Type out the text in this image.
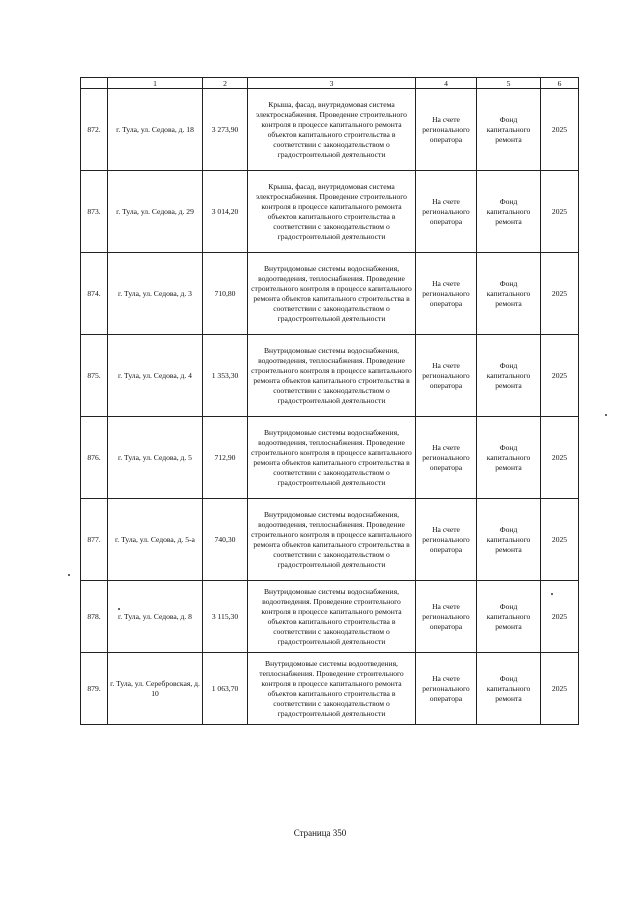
	1	2	3	4	5	6
872.	г. Тула, ул. Седова, д. 18	3 273,90	Крыша, фасад, внутридомовая система электроснабжения. Проведение строительного контроля в процессе капитального ремонта объектов капитального строительства в соответствии с законодательством о градостроительной деятельности	На счете регионального оператора	Фонд капитального ремонта	2025
873.	г. Тула, ул. Седова, д. 29	3 014,20	Крыша, фасад, внутридомовая система электроснабжения. Проведение строительного контроля в процессе капитального ремонта объектов капитального строительства в соответствии с законодательством о градостроительной деятельности	На счете регионального оператора	Фонд капитального ремонта	2025
874.	г. Тула, ул. Седова, д. 3	710,80	Внутридомовые системы водоснабжения, водоотведения, теплоснабжения. Проведение строительного контроля в процессе капитального ремонта объектов капитального строительства в соответствии с законодательством о градостроительной деятельности	На счете регионального оператора	Фонд капитального ремонта	2025
875.	г. Тула, ул. Седова, д. 4	1 353,30	Внутридомовые системы водоснабжения, водоотведения, теплоснабжения. Проведение строительного контроля в процессе капитального ремонта объектов капитального строительства в соответствии с законодательством о градостроительной деятельности	На счете регионального оператора	Фонд капитального ремонта	2025
876.	г. Тула, ул. Седова, д. 5	712,90	Внутридомовые системы водоснабжения, водоотведения, теплоснабжения. Проведение строительного контроля в процессе капитального ремонта объектов капитального строительства в соответствии с законодательством о градостроительной деятельности	На счете регионального оператора	Фонд капитального ремонта	2025
877.	г. Тула, ул. Седова, д. 5-а	740,30	Внутридомовые системы водоснабжения, водоотведения, теплоснабжения. Проведение строительного контроля в процессе капитального ремонта объектов капитального строительства в соответствии с законодательством о градостроительной деятельности	На счете регионального оператора	Фонд капитального ремонта	2025
878.	г. Тула, ул. Седова, д. 8	3 115,30	Внутридомовые системы водоснабжения, водоотведения. Проведение строительного контроля в процессе капитального ремонта объектов капитального строительства в соответствии с законодательством о градостроительной деятельности	На счете регионального оператора	Фонд капитального ремонта	2025
879.	г. Тула, ул. Серебровская, д. 10	1 063,70	Внутридомовые системы водоотведения, теплоснабжения. Проведение строительного контроля в процессе капитального ремонта объектов капитального строительства в соответствии с законодательством о градостроительной деятельности	На счете регионального оператора	Фонд капитального ремонта	2025
Страница 350
